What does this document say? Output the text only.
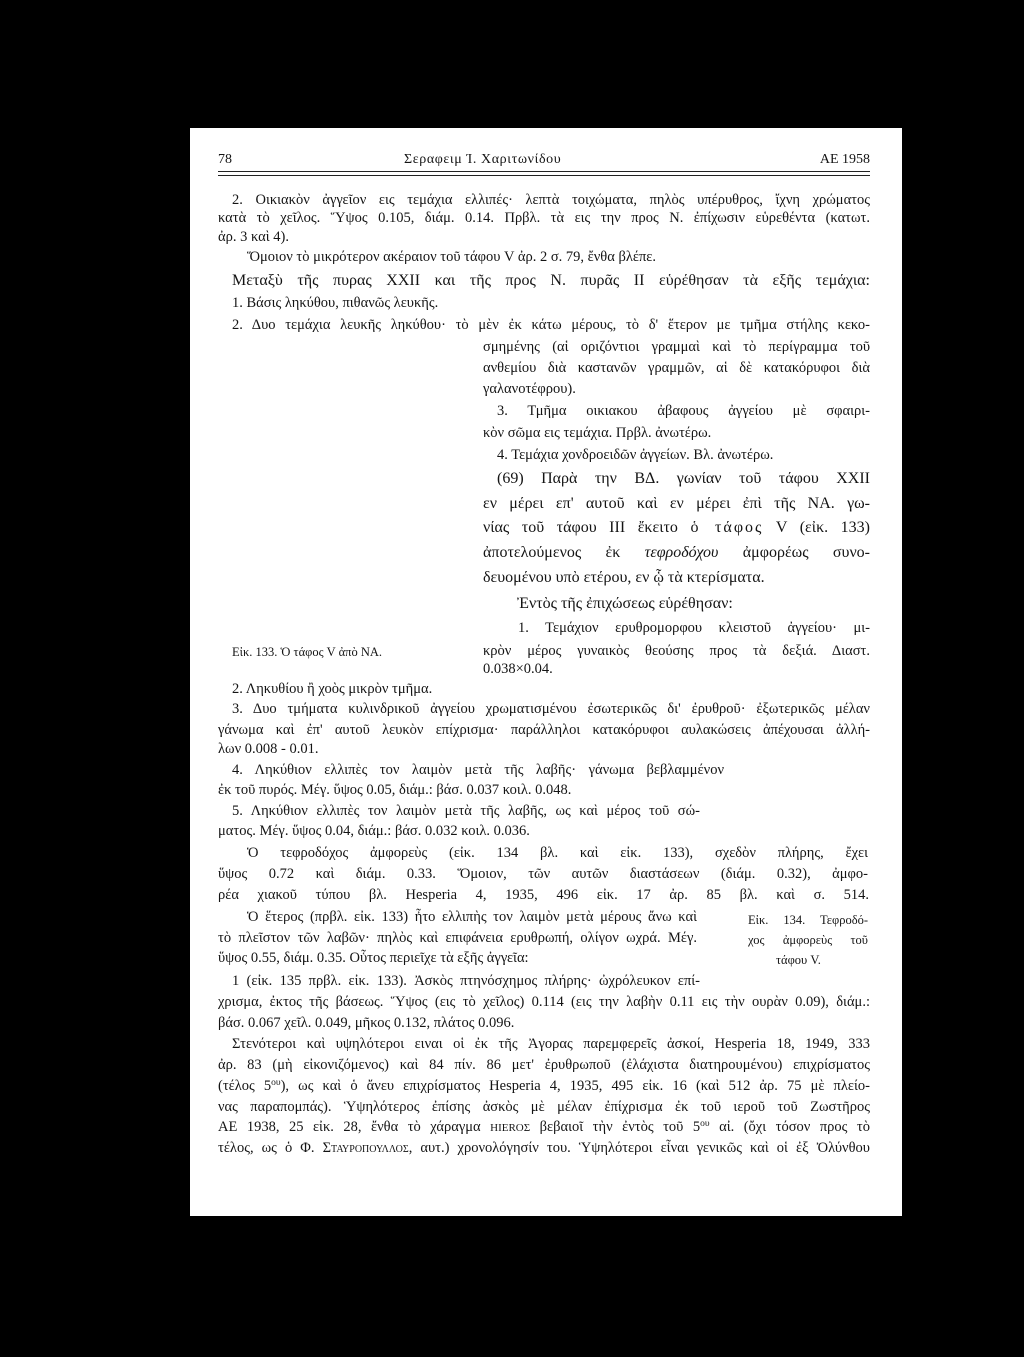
78	Σεραφειμ Ί. Χαριτωνίδου	ΑΕ 1958
2. Οικιακὸν ἀγγεῖον εις τεμάχια ελλιπές· λεπτὰ τοιχώματα, πηλὸς υπέρυθρος, ἴχνη χρώματος
κατὰ τὸ χεῖλος. Ὕψος 0.105, διάμ. 0.14. Πρβλ. τὰ εις την προς Ν. ἐπίχωσιν εὑρεθέντα (κατωτ.
ἀρ. 3 καὶ 4).
Ὅμοιον τὸ μικρότερον ακέραιον τοῦ τάφου V ἀρ. 2 σ. 79, ἔνθα βλέπε.
Μεταξὺ τῆς πυρας XXII και τῆς προς Ν. πυρᾶς II εὑρέθησαν τὰ εξῆς τεμάχια:
1. Βάσις ληκύθου, πιθανῶς λευκῆς.
2. Δυο τεμάχια λευκῆς ληκύθου· τὸ μὲν ἐκ κάτω μέρους, τὸ δ' ἕτερον με τμῆμα στήλης κεκο-
σμημένης (αἱ οριζόντιοι γραμμαὶ καὶ τὸ περίγραμμα τοῦ
ανθεμίου διὰ καστανῶν γραμμῶν, αἱ δὲ κατακόρυφοι διὰ
γαλανοτέφρου).
3. Τμῆμα οικιακου ἀβαφους ἀγγείου μὲ σφαιρι-
κὸν σῶμα εις τεμάχια. Πρβλ. ἀνωτέρω.
4. Τεμάχια χονδροειδῶν ἀγγείων. Βλ. ἀνωτέρω.
(69) Παρὰ την ΒΔ. γωνίαν τοῦ τάφου XXII
εν μέρει επ' αυτοῦ καὶ εν μέρει ἐπὶ τῆς ΝΑ. γω-
νίας τοῦ τάφου III ἔκειτο ὁ τάφος V (εἰκ. 133)
ἀποτελούμενος ἐκ τεφροδόχου ἀμφορέως συνο-
δευομένου υπὸ ετέρου, εν ᾧ τὰ κτερίσματα.
Ἐντὸς τῆς ἐπιχώσεως εὑρέθησαν:
1. Τεμάχιον ερυθρομορφου κλειστοῦ ἀγγείου· μι-
Εἰκ. 133. Ὁ τάφος V ἀπὸ ΝΑ.	κρὸν μέρος γυναικὸς θεούσης προς τὰ δεξιά. Διαστ.
0.038×0.04.
2. Ληκυθίου ἢ χοὸς μικρὸν τμῆμα.
3. Δυο τμήματα κυλινδρικοῦ ἀγγείου χρωματισμένου ἐσωτερικῶς δι' ἐρυθροῦ· ἐξωτερικῶς μέλαν
γάνωμα καὶ ἐπ' αυτοῦ λευκὸν επίχρισμα· παράλληλοι κατακόρυφοι αυλακώσεις ἀπέχουσαι ἀλλή-
λων 0.008 - 0.01.
4. Ληκύθιον ελλιπὲς τον λαιμὸν μετὰ τῆς λαβῆς· γάνωμα βεβλαμμένον
ἐκ τοῦ πυρός. Μέγ. ὕψος 0.05, διάμ.: βάσ. 0.037 κοιλ. 0.048.
5. Ληκύθιον ελλιπὲς τον λαιμὸν μετὰ τῆς λαβῆς, ως καὶ μέρος τοῦ σώ-
ματος. Μέγ. ὕψος 0.04, διάμ.: βάσ. 0.032 κοιλ. 0.036.
Ὁ τεφροδόχος ἀμφορεὺς (εἰκ. 134 βλ. καὶ εἰκ. 133), σχεδὸν πλήρης, ἔχει
ὕψος 0.72 καὶ διάμ. 0.33. Ὅμοιον, τῶν αυτῶν διαστάσεων (διάμ. 0.32), ἀμφο-
ρέα χιακοῦ τύπου βλ. Hesperia 4, 1935, 496 εἰκ. 17 ἀρ. 85 βλ. καὶ σ. 514.
Ὁ ἕτερος (πρβλ. εἰκ. 133) ἦτο ελλιπὴς τον λαιμὸν μετὰ μέρους ἄνω καὶ
τὸ πλεῖστον τῶν λαβῶν· πηλὸς καὶ επιφάνεια ερυθρωπή, ολίγον ωχρά. Μέγ.
ὕψος 0.55, διάμ. 0.35. Οὗτος περιεῖχε τὰ εξῆς ἀγγεῖα:
Εἰκ. 134. Τεφροδό-
χος ἀμφορεὺς τοῦ
τάφου V.
1 (εἰκ. 135 πρβλ. εἰκ. 133). Ἀσκὸς πτηνόσχημος πλήρης· ὠχρόλευκον επί-
χρισμα, ἐκτος τῆς βάσεως. Ὕψος (εις τὸ χεῖλος) 0.114 (εις την λαβὴν 0.11 εις τὴν ουρὰν 0.09), διάμ.:
βάσ. 0.067 χεῖλ. 0.049, μῆκος 0.132, πλάτος 0.096.
Στενότεροι καὶ υψηλότεροι ειναι οἱ ἐκ τῆς Ἀγορας παρεμφερεῖς ἀσκοί, Hesperia 18, 1949, 333
ἀρ. 83 (μὴ εἰκονιζόμενος) καὶ 84 πίν. 86 μετ' ἐρυθρωποῦ (ἐλάχιστα διατηρουμένου) επιχρίσματος
(τέλος $5^{o\upsilon}$), ως καὶ ὁ ἄνευ επιχρίσματος Hesperia 4, 1935, 495 εἰκ. 16 (καὶ 512 ἀρ. 75 μὲ πλείο-
νας παραπομπάς). Ὑψηλότερος ἐπίσης ἀσκὸς μὲ μέλαν ἐπίχρισμα ἐκ τοῦ ιεροῦ τοῦ Ζωστῆρος
ΑΕ 1938, 25 εἰκ. 28, ἔνθα τὸ χάραγμα HIEROΣ βεβαιοῖ τὴν ἐντὸς τοῦ $5^{o\upsilon}$ αἰ. (ὄχι τόσον προς τὸ
τέλος, ως ὁ Φ. Σταυροπουλλος, αυτ.) χρονολόγησίν του. Ὑψηλότεροι εἶναι γενικῶς καὶ οἱ ἐξ Ὀλύνθου
